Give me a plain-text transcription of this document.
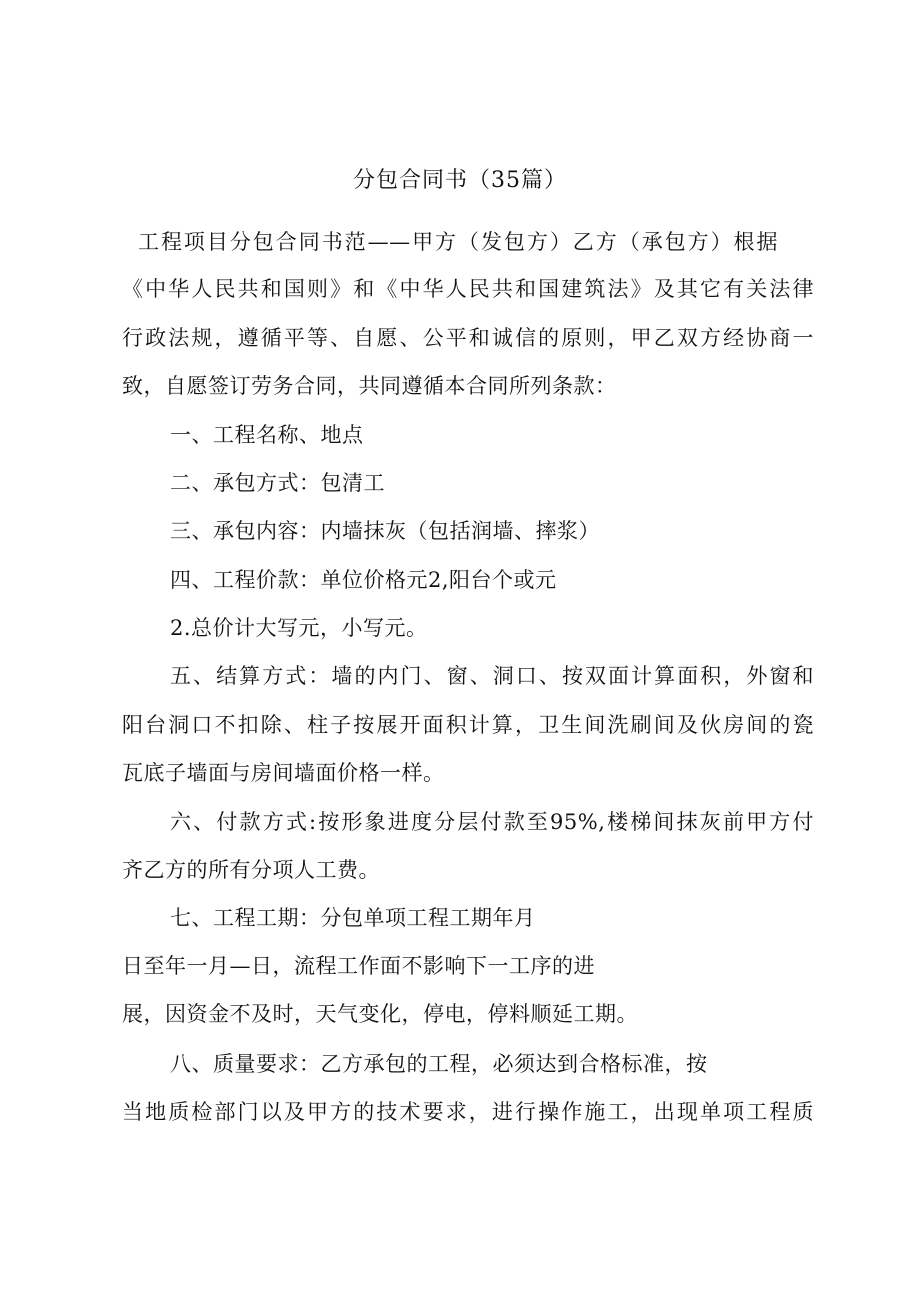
分包合同书（35篇）
工程项目分包合同书范——甲方（发包方）乙方（承包方）根据
《中华人民共和国则》和《中华人民共和国建筑法》及其它有关法律
行政法规，遵循平等、自愿、公平和诚信的原则，甲乙双方经协商一
致，自愿签订劳务合同，共同遵循本合同所列条款：
一、工程名称、地点
二、承包方式：包清工
三、承包内容：内墙抹灰（包括润墙、摔浆）
四、工程价款：单位价格元2,阳台个或元
2.总价计大写元，小写元。
五、结算方式：墙的内门、窗、洞口、按双面计算面积，外窗和
阳台洞口不扣除、柱子按展开面积计算，卫生间洗刷间及伙房间的瓷
瓦底子墙面与房间墙面价格一样。
六、付款方式:按形象进度分层付款至95%,楼梯间抹灰前甲方付
齐乙方的所有分项人工费。
七、工程工期：分包单项工程工期年月
日至年一月—日，流程工作面不影响下一工序的进
展，因资金不及时，天气变化，停电，停料顺延工期。
八、质量要求：乙方承包的工程，必须达到合格标准，按
当地质检部门以及甲方的技术要求，进行操作施工，出现单项工程质
